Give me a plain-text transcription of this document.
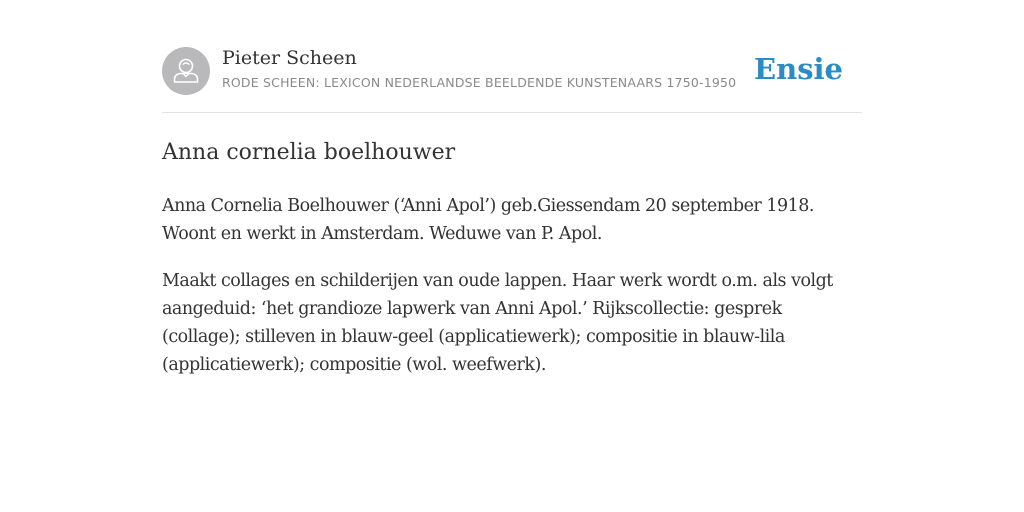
Pieter Scheen
RODE SCHEEN: LEXICON NEDERLANDSE BEELDENDE KUNSTENAARS 1750-1950 Ensie
Anna cornelia boelhouwer

Anna Cornelia Boelhouwer (‘Anni Apol’) geb.Giessendam 20 september 1918. Woont en werkt in Amsterdam. Weduwe van P. Apol.

Maakt collages en schilderijen van oude lappen. Haar werk wordt o.m. als volgt aangeduid: ‘het grandioze lapwerk van Anni Apol.’ Rijkscollectie: gesprek (collage); stilleven in blauw-geel (applicatiewerk); compositie in blauw-lila (applicatiewerk); compositie (wol. weefwerk).
